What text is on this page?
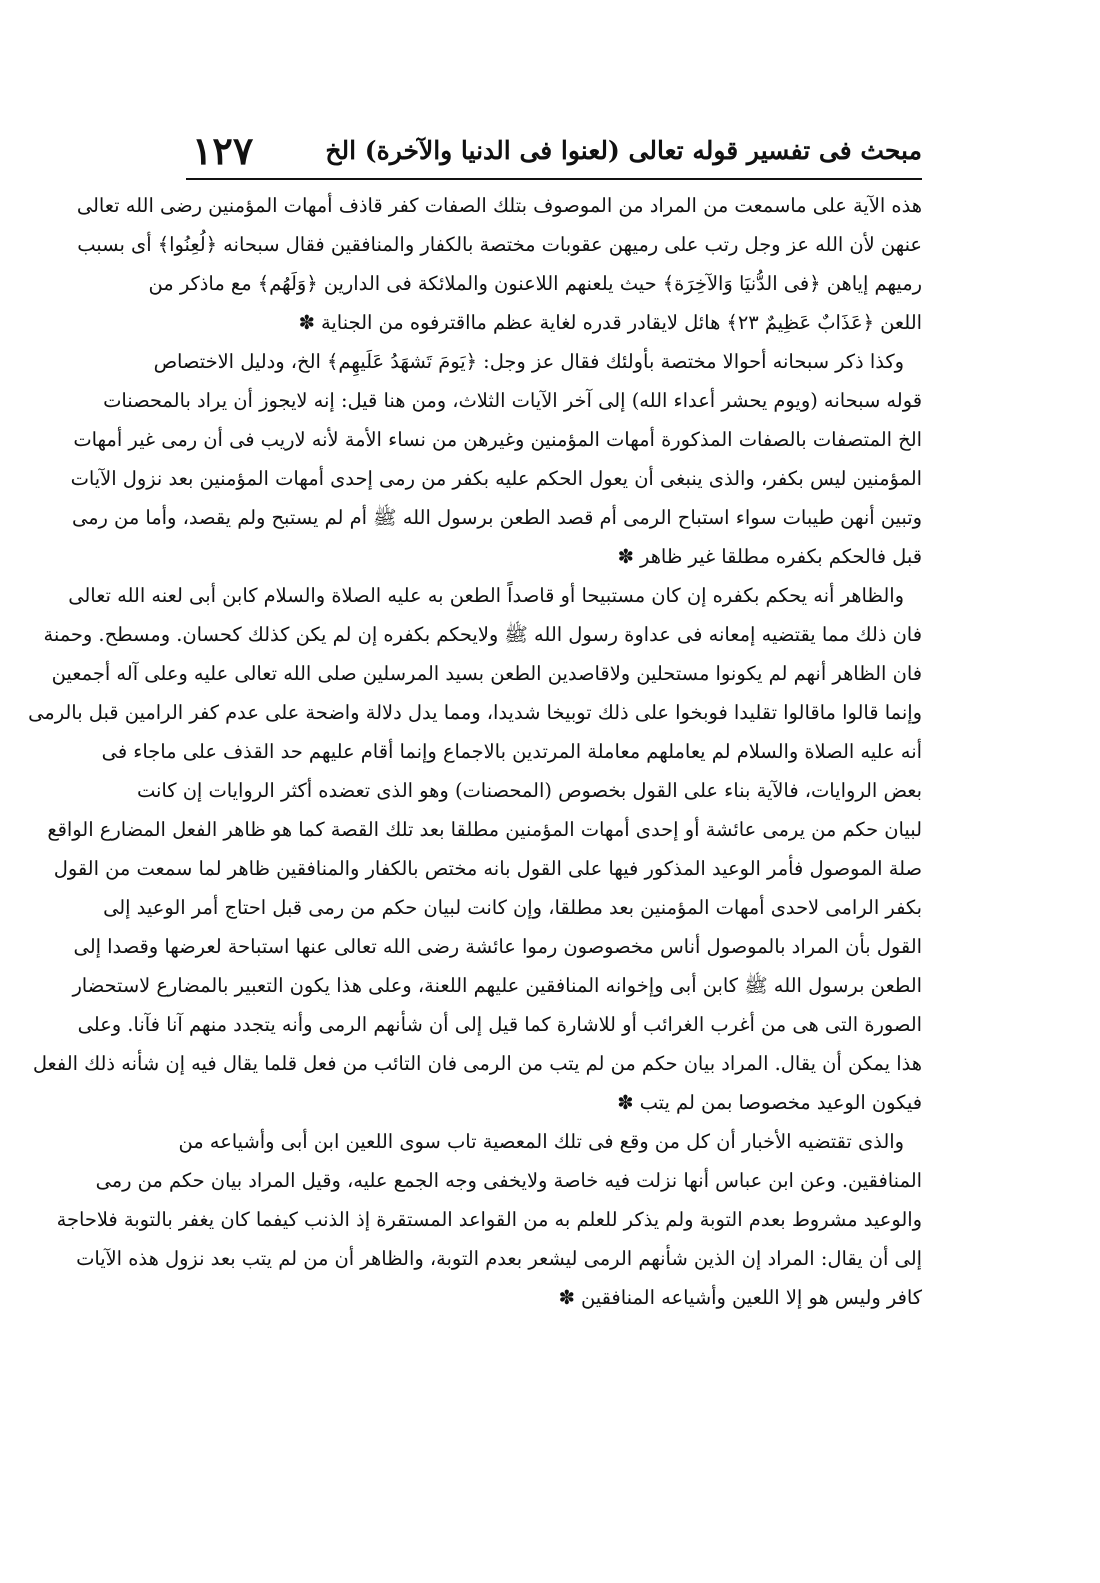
١٢٧	مبحث فى تفسير قوله تعالى (لعنوا فى الدنيا والآخرة) الخ
هذه الآية على ماسمعت من المراد من الموصوف بتلك الصفات كفر قاذف أمهات المؤمنين رضى الله تعالى
عنهن لأن الله عز وجل رتب على رميهن عقوبات مختصة بالكفار والمنافقين فقال سبحانه ﴿لُعِنُوا﴾ أى بسبب
رميهم إياهن ﴿فى الدُّنيَا وَالآخِرَة﴾ حيث يلعنهم اللاعنون والملائكة فى الدارين ﴿وَلَهُم﴾ مع ماذكر من
اللعن ﴿عَذَابٌ عَظِيمٌ ٢٣﴾ هائل لايقادر قدره لغاية عظم مااقترفوه من الجناية ✽
وكذا ذكر سبحانه أحوالا مختصة بأولئك فقال عز وجل: ﴿يَومَ تَشهَدُ عَلَيهِم﴾ الخ، ودليل الاختصاص
قوله سبحانه (ويوم يحشر أعداء الله) إلى آخر الآيات الثلاث، ومن هنا قيل: إنه لايجوز أن يراد بالمحصنات
الخ المتصفات بالصفات المذكورة أمهات المؤمنين وغيرهن من نساء الأمة لأنه لاريب فى أن رمى غير أمهات
المؤمنين ليس بكفر، والذى ينبغى أن يعول الحكم عليه بكفر من رمى إحدى أمهات المؤمنين بعد نزول الآيات
وتبين أنهن طيبات سواء استباح الرمى أم قصد الطعن برسول الله ﷺ أم لم يستبح ولم يقصد، وأما من رمى
قبل فالحكم بكفره مطلقا غير ظاهر ✽
والظاهر أنه يحكم بكفره إن كان مستبيحا أو قاصداً الطعن به عليه الصلاة والسلام كابن أبى لعنه الله تعالى
فان ذلك مما يقتضيه إمعانه فى عداوة رسول الله ﷺ ولايحكم بكفره إن لم يكن كذلك كحسان. ومسطح. وحمنة
فان الظاهر أنهم لم يكونوا مستحلين ولاقاصدين الطعن بسيد المرسلين صلى الله تعالى عليه وعلى آله أجمعين
وإنما قالوا ماقالوا تقليدا فوبخوا على ذلك توبيخا شديدا، ومما يدل دلالة واضحة على عدم كفر الرامين قبل بالرمى
أنه عليه الصلاة والسلام لم يعاملهم معاملة المرتدين بالاجماع وإنما أقام عليهم حد القذف على ماجاء فى
بعض الروايات، فالآية بناء على القول بخصوص (المحصنات) وهو الذى تعضده أكثر الروايات إن كانت
لبيان حكم من يرمى عائشة أو إحدى أمهات المؤمنين مطلقا بعد تلك القصة كما هو ظاهر الفعل المضارع الواقع
صلة الموصول فأمر الوعيد المذكور فيها على القول بانه مختص بالكفار والمنافقين ظاهر لما سمعت من القول
بكفر الرامى لاحدى أمهات المؤمنين بعد مطلقا، وإن كانت لبيان حكم من رمى قبل احتاج أمر الوعيد إلى
القول بأن المراد بالموصول أناس مخصوصون رموا عائشة رضى الله تعالى عنها استباحة لعرضها وقصدا إلى
الطعن برسول الله ﷺ كابن أبى وإخوانه المنافقين عليهم اللعنة، وعلى هذا يكون التعبير بالمضارع لاستحضار
الصورة التى هى من أغرب الغرائب أو للاشارة كما قيل إلى أن شأنهم الرمى وأنه يتجدد منهم آنا فآنا. وعلى
هذا يمكن أن يقال. المراد بيان حكم من لم يتب من الرمى فان التائب من فعل قلما يقال فيه إن شأنه ذلك الفعل
فيكون الوعيد مخصوصا بمن لم يتب ✽
والذى تقتضيه الأخبار أن كل من وقع فى تلك المعصية تاب سوى اللعين ابن أبى وأشياعه من
المنافقين. وعن ابن عباس أنها نزلت فيه خاصة ولايخفى وجه الجمع عليه، وقيل المراد بيان حكم من رمى
والوعيد مشروط بعدم التوبة ولم يذكر للعلم به من القواعد المستقرة إذ الذنب كيفما كان يغفر بالتوبة فلاحاجة
إلى أن يقال: المراد إن الذين شأنهم الرمى ليشعر بعدم التوبة، والظاهر أن من لم يتب بعد نزول هذه الآيات
كافر وليس هو إلا اللعين وأشياعه المنافقين ✽
